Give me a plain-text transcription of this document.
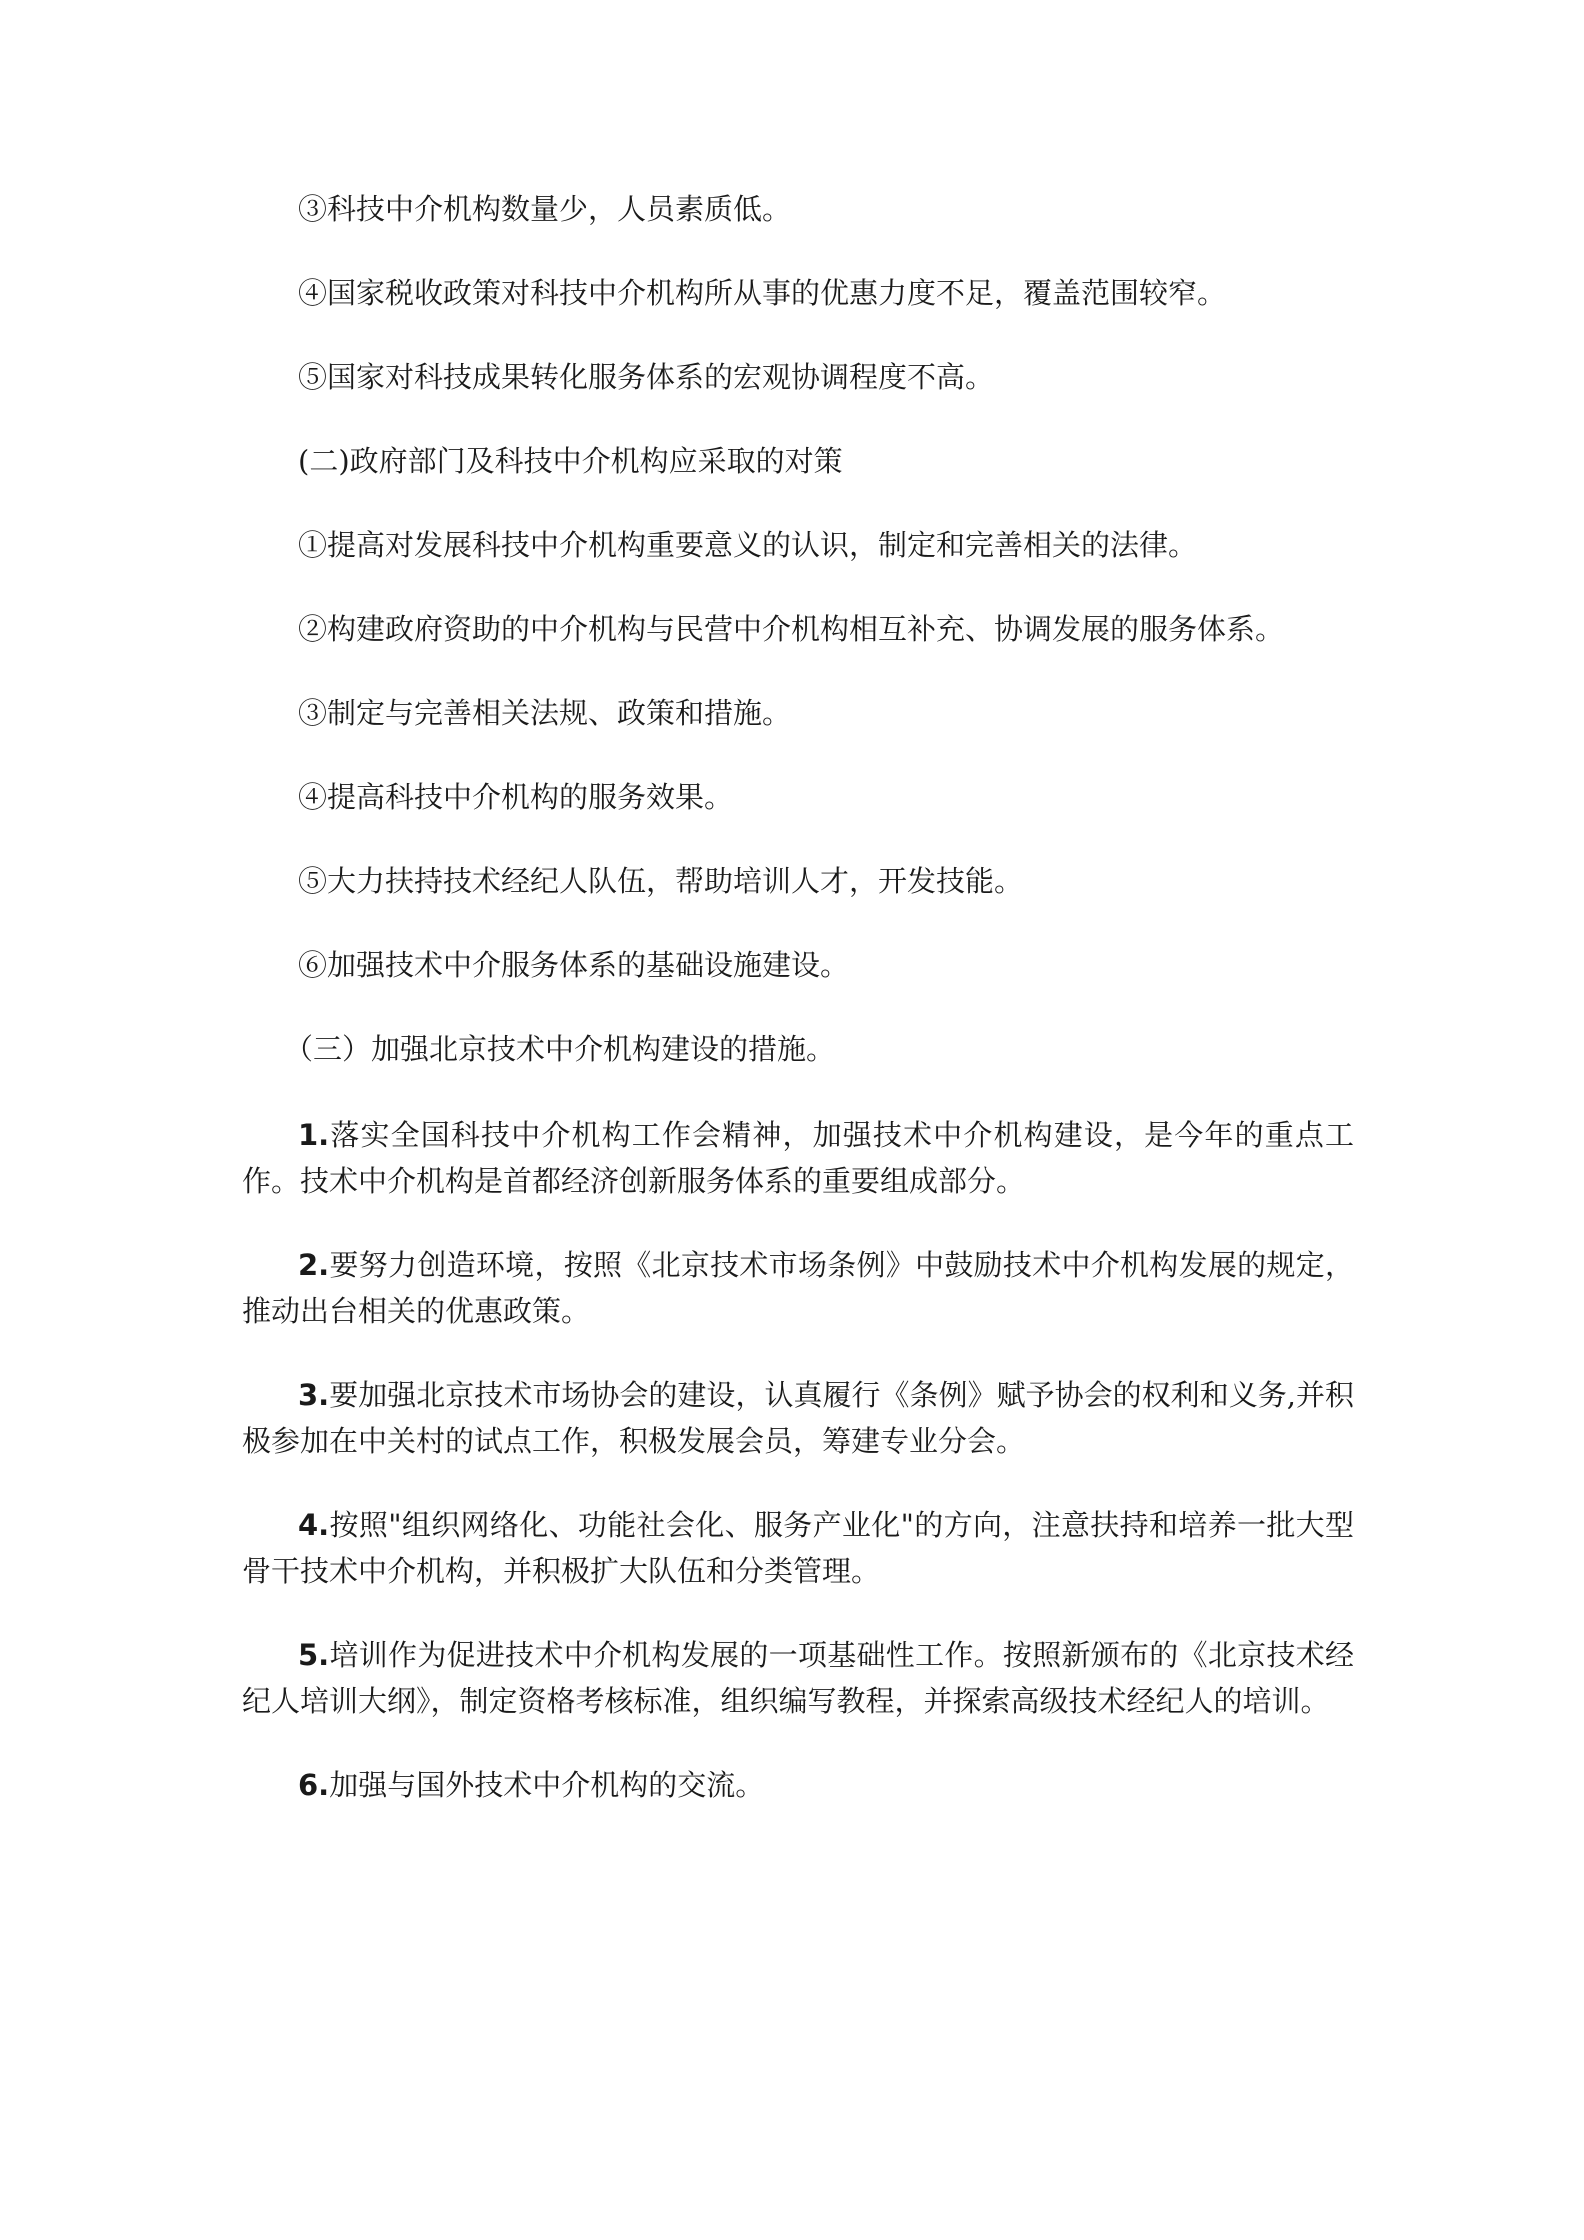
③科技中介机构数量少，人员素质低。

④国家税收政策对科技中介机构所从事的优惠力度不足，覆盖范围较窄。

⑤国家对科技成果转化服务体系的宏观协调程度不高。

(二)政府部门及科技中介机构应采取的对策

①提高对发展科技中介机构重要意义的认识，制定和完善相关的法律。

②构建政府资助的中介机构与民营中介机构相互补充、协调发展的服务体系。

③制定与完善相关法规、政策和措施。

④提高科技中介机构的服务效果。

⑤大力扶持技术经纪人队伍，帮助培训人才，开发技能。

⑥加强技术中介服务体系的基础设施建设。

（三）加强北京技术中介机构建设的措施。

1.落实全国科技中介机构工作会精神，加强技术中介机构建设，是今年的重点工作。技术中介机构是首都经济创新服务体系的重要组成部分。

2.要努力创造环境，按照《北京技术市场条例》中鼓励技术中介机构发展的规定，推动出台相关的优惠政策。

3.要加强北京技术市场协会的建设，认真履行《条例》赋予协会的权利和义务,并积极参加在中关村的试点工作，积极发展会员，筹建专业分会。

4.按照"组织网络化、功能社会化、服务产业化"的方向，注意扶持和培养一批大型骨干技术中介机构，并积极扩大队伍和分类管理。

5.培训作为促进技术中介机构发展的一项基础性工作。按照新颁布的《北京技术经纪人培训大纲》，制定资格考核标准，组织编写教程，并探索高级技术经纪人的培训。

6.加强与国外技术中介机构的交流。
